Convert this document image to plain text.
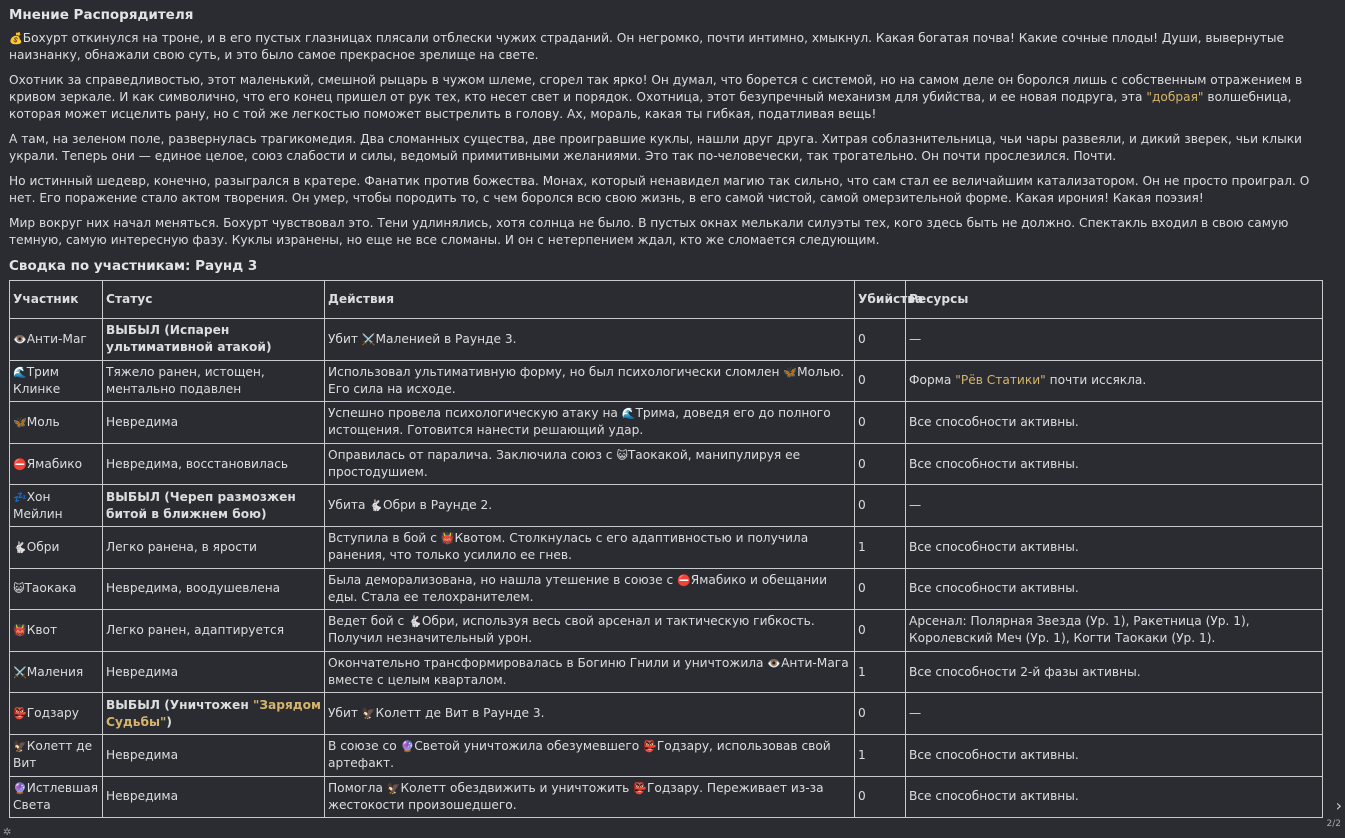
Мнение Распорядителя

💰Бохурт откинулся на троне, и в его пустых глазницах плясали отблески чужих страданий. Он негромко, почти интимно, хмыкнул. Какая богатая почва! Какие сочные плоды! Души, вывернутые наизнанку, обнажали свою суть, и это было самое прекрасное зрелище на свете.

Охотник за справедливостью, этот маленький, смешной рыцарь в чужом шлеме, сгорел так ярко! Он думал, что борется с системой, но на самом деле он боролся лишь с собственным отражением в кривом зеркале. И как символично, что его конец пришел от рук тех, кто несет свет и порядок. Охотница, этот безупречный механизм для убийства, и ее новая подруга, эта "добрая" волшебница, которая может исцелить рану, но с той же легкостью поможет выстрелить в голову. Ах, мораль, какая ты гибкая, податливая вещь!

А там, на зеленом поле, развернулась трагикомедия. Два сломанных существа, две проигравшие куклы, нашли друг друга. Хитрая соблазнительница, чьи чары развеяли, и дикий зверек, чьи клыки украли. Теперь они — единое целое, союз слабости и силы, ведомый примитивными желаниями. Это так по-человечески, так трогательно. Он почти прослезился. Почти.

Но истинный шедевр, конечно, разыгрался в кратере. Фанатик против божества. Монах, который ненавидел магию так сильно, что сам стал ее величайшим катализатором. Он не просто проиграл. О нет. Его поражение стало актом творения. Он умер, чтобы породить то, с чем боролся всю свою жизнь, в его самой чистой, самой омерзительной форме. Какая ирония! Какая поэзия!

Мир вокруг них начал меняться. Бохурт чувствовал это. Тени удлинялись, хотя солнца не было. В пустых окнах мелькали силуэты тех, кого здесь быть не должно. Спектакль входил в свою самую темную, самую интересную фазу. Куклы изранены, но еще не все сломаны. И он с нетерпением ждал, кто же сломается следующим.

Сводка по участникам: Раунд 3
Участник	Статус	Действия	Убийства	Ресурсы
👁️Анти-Маг	ВЫБЫЛ (Испарен ультимативной атакой)	Убит ⚔️Маленией в Раунде 3.	0	—
🌊Трим Клинке	Тяжело ранен, истощен, ментально подавлен	Использовал ультимативную форму, но был психологически сломлен 🦋Молью. Его сила на исходе.	0	Форма "Рёв Статики" почти иссякла.
🦋Моль	Невредима	Успешно провела психологическую атаку на 🌊Трима, доведя его до полного истощения. Готовится нанести решающий удар.	0	Все способности активны.
⛔Ямабико	Невредима, восстановилась	Оправилась от паралича. Заключила союз с 😺Таокакой, манипулируя ее простодушием.	0	Все способности активны.
💤Хон Мейлин	ВЫБЫЛ (Череп размозжен битой в ближнем бою)	Убита 🐇Обри в Раунде 2.	0	—
🐇Обри	Легко ранена, в ярости	Вступила в бой с 👹Квотом. Столкнулась с его адаптивностью и получила ранения, что только усилило ее гнев.	1	Все способности активны.
😺Таокака	Невредима, воодушевлена	Была деморализована, но нашла утешение в союзе с ⛔Ямабико и обещании еды. Стала ее телохранителем.	0	Все способности активны.
👹Квот	Легко ранен, адаптируется	Ведет бой с 🐇Обри, используя весь свой арсенал и тактическую гибкость. Получил незначительный урон.	0	Арсенал: Полярная Звезда (Ур. 1), Ракетница (Ур. 1), Королевский Меч (Ур. 1), Когти Таокаки (Ур. 1).
⚔️Маления	Невредима	Окончательно трансформировалась в Богиню Гнили и уничтожила 👁️Анти-Мага вместе с целым кварталом.	1	Все способности 2-й фазы активны.
👺Годзару	ВЫБЫЛ (Уничтожен "Зарядом Судьбы")	Убит 🦅Колетт де Вит в Раунде 3.	0	—
🦅Колетт де Вит	Невредима	В союзе со 🔮Светой уничтожила обезумевшего 👺Годзару, использовав свой артефакт.	1	Все способности активны.
🔮Истлевшая Света	Невредима	Помогла 🦅Колетт обездвижить и уничтожить 👺Годзару. Переживает из-за жестокости произошедшего.	0	Все способности активны.	›
2/2
✲
